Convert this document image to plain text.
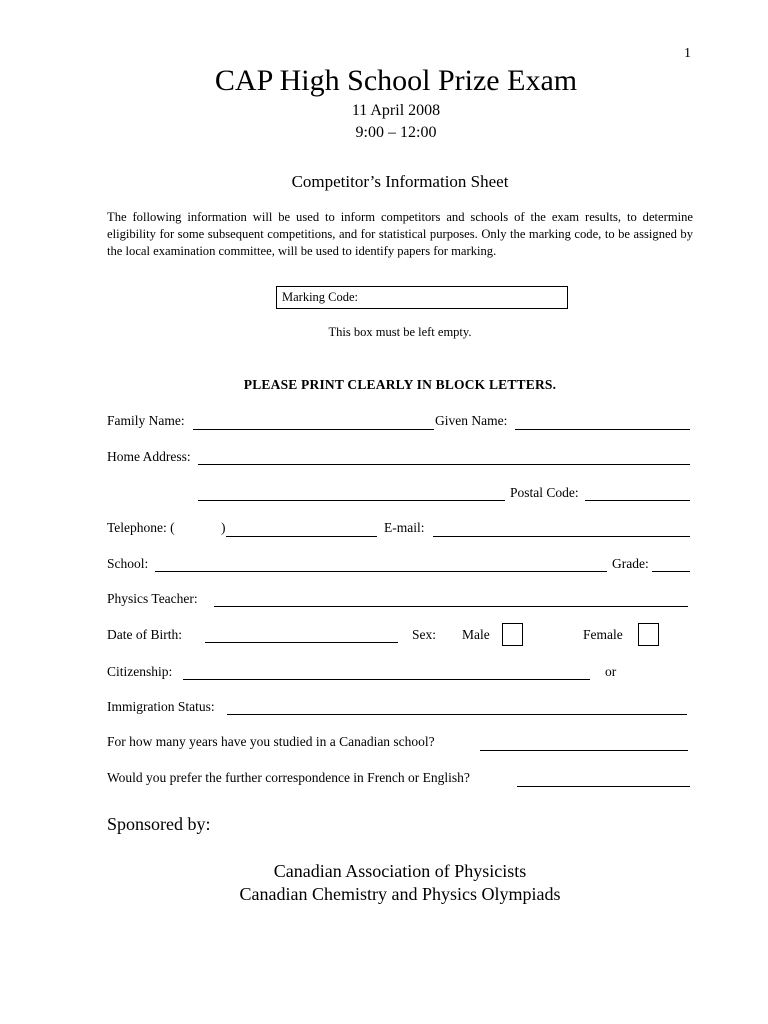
1
CAP High School Prize Exam
11 April 2008
9:00 – 12:00
Competitor’s Information Sheet
The following information will be used to inform competitors and schools of the exam results, to determine eligibility for some subsequent competitions, and for statistical purposes. Only the marking code, to be assigned by the local examination committee, will be used to identify papers for marking.
Marking Code:
This box must be left empty.
PLEASE PRINT CLEARLY IN BLOCK LETTERS.
Family Name:	Given Name:
Home Address:
Postal Code:
Telephone: (	)	E-mail:
School:	Grade:
Physics Teacher:
Date of Birth:	Sex: Male	Female
Citizenship:	or
Immigration Status:
For how many years have you studied in a Canadian school?
Would you prefer the further correspondence in French or English?
Sponsored by:
Canadian Association of Physicists
Canadian Chemistry and Physics Olympiads
